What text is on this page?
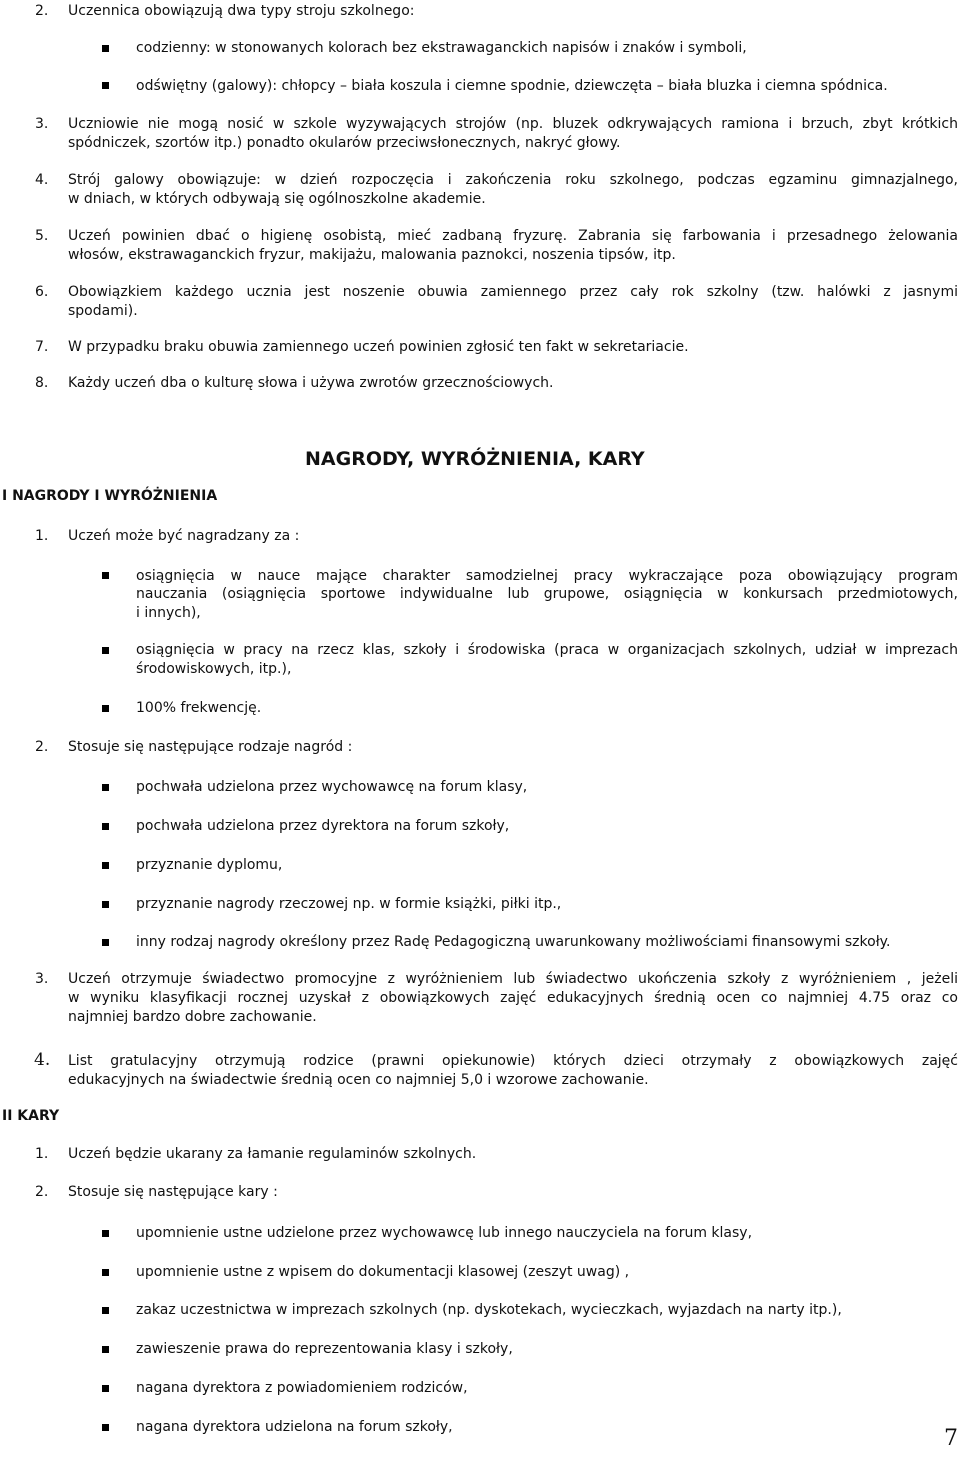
2. Uczennica obowiązują dwa typy stroju szkolnego:
codzienny: w stonowanych kolorach bez ekstrawaganckich napisów i znaków i symboli,
odświętny (galowy): chłopcy – biała koszula i ciemne spodnie, dziewczęta – biała bluzka i ciemna spódnica.
3. Uczniowie nie mogą nosić w szkole wyzywających strojów (np. bluzek odkrywających ramiona i brzuch, zbyt krótkich
spódniczek, szortów itp.) ponadto okularów przeciwsłonecznych, nakryć głowy.
4. Strój galowy obowiązuje: w dzień rozpoczęcia i zakończenia roku szkolnego, podczas egzaminu gimnazjalnego,
w dniach, w których odbywają się ogólnoszkolne akademie.
5. Uczeń powinien dbać o higienę osobistą, mieć zadbaną fryzurę. Zabrania się farbowania i przesadnego żelowania
włosów, ekstrawaganckich fryzur, makijażu, malowania paznokci, noszenia tipsów, itp.
6. Obowiązkiem każdego ucznia jest noszenie obuwia zamiennego przez cały rok szkolny (tzw. halówki z jasnymi
spodami).
7. W przypadku braku obuwia zamiennego uczeń powinien zgłosić ten fakt w sekretariacie.
8. Każdy uczeń dba o kulturę słowa i używa zwrotów grzecznościowych.
NAGRODY, WYRÓŻNIENIA, KARY
I NAGRODY I WYRÓŻNIENIA
1. Uczeń może być nagradzany za :
osiągnięcia w nauce mające charakter samodzielnej pracy wykraczające poza obowiązujący program
nauczania (osiągnięcia sportowe indywidualne lub grupowe, osiągnięcia w konkursach przedmiotowych,
i innych),
osiągnięcia w pracy na rzecz klas, szkoły i środowiska (praca w organizacjach szkolnych, udział w imprezach
środowiskowych, itp.),
100% frekwencję.
2. Stosuje się następujące rodzaje nagród :
pochwała udzielona przez wychowawcę na forum klasy,
pochwała udzielona przez dyrektora na forum szkoły,
przyznanie dyplomu,
przyznanie nagrody rzeczowej np. w formie książki, piłki itp.,
inny rodzaj nagrody określony przez Radę Pedagogiczną uwarunkowany możliwościami finansowymi szkoły.
3. Uczeń otrzymuje świadectwo promocyjne z wyróżnieniem lub świadectwo ukończenia szkoły z wyróżnieniem , jeżeli
w wyniku klasyfikacji rocznej uzyskał z obowiązkowych zajęć edukacyjnych średnią ocen co najmniej 4.75 oraz co
najmniej bardzo dobre zachowanie.
4. List gratulacyjny otrzymują rodzice (prawni opiekunowie) których dzieci otrzymały z obowiązkowych zajęć
edukacyjnych na świadectwie średnią ocen co najmniej 5,0 i wzorowe zachowanie.
II KARY
1. Uczeń będzie ukarany za łamanie regulaminów szkolnych.
2. Stosuje się następujące kary :
upomnienie ustne udzielone przez wychowawcę lub innego nauczyciela na forum klasy,
upomnienie ustne z wpisem do dokumentacji klasowej (zeszyt uwag) ,
zakaz uczestnictwa w imprezach szkolnych (np. dyskotekach, wycieczkach, wyjazdach na narty itp.),
zawieszenie prawa do reprezentowania klasy i szkoły,
nagana dyrektora z powiadomieniem rodziców,
nagana dyrektora udzielona na forum szkoły,	7
